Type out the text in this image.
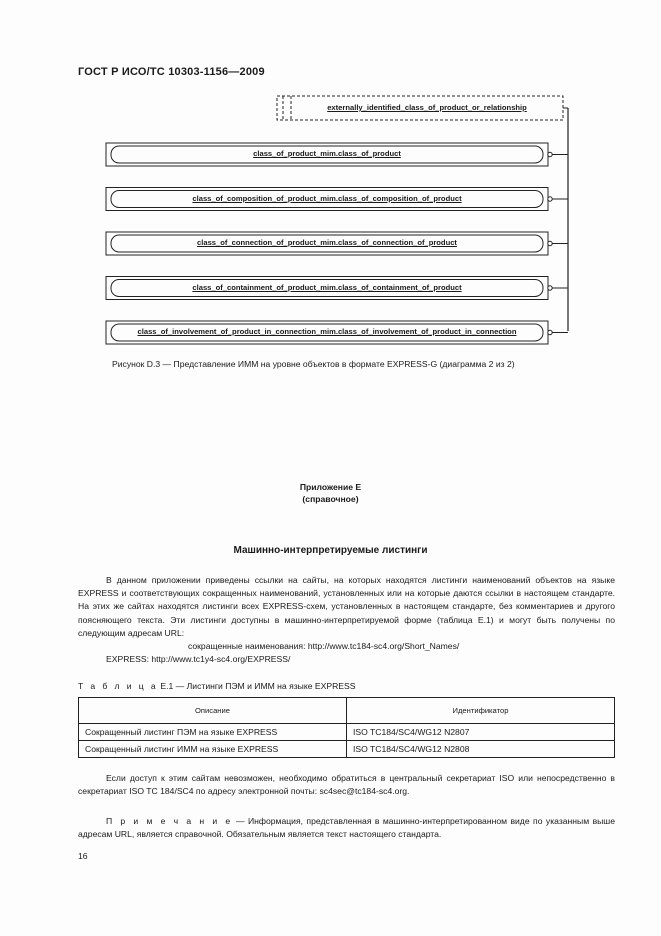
ГОСТ Р ИСО/ТС 10303-1156—2009
externally_identified_class_of_product_or_relationship
class_of_product_mim.class_of_product
class_of_composition_of_product_mim.class_of_composition_of_product
class_of_connection_of_product_mim.class_of_connection_of_product
class_of_containment_of_product_mim.class_of_containment_of_product
class_of_involvement_of_product_in_connection_mim.class_of_involvement_of_product_in_connection
Рисунок D.3 — Представление ИММ на уровне объектов в формате EXPRESS-G (диаграмма 2 из 2)
Приложение E
(справочное)
Машинно-интерпретируемые листинги

В данном приложении приведены ссылки на сайты, на которых находятся листинги наименований объектов на языке EXPRESS и соответствующих сокращенных наименований, установленных или на которые даются ссылки в настоящем стандарте. На этих же сайтах находятся листинги всех EXPRESS-схем, установленных в настоящем стандарте, без комментариев и другого поясняющего текста. Эти листинги доступны в машинно-интерпретируемой форме (таблица E.1) и могут быть получены по следующим адресам URL:

сокращенные наименования: http://www.tc184-sc4.org/Short_Names/

EXPRESS: http://www.tc1y4-sc4.org/EXPRESS/

Т а б л и ц а E.1 — Листинги ПЭМ и ИММ на языке EXPRESS
Описание	Идентификатор
Сокращенный листинг ПЭМ на языке EXPRESS	ISO TC184/SC4/WG12 N2807
Сокращенный листинг ИММ на языке EXPRESS	ISO TC184/SC4/WG12 N2808

Если доступ к этим сайтам невозможен, необходимо обратиться в центральный секретариат ISO или непосредственно в секретариат ISO TC 184/SC4 по адресу электронной почты: sc4sec@tc184-sc4.org.

П р и м е ч а н и е — Информация, представленная в машинно-интерпретированном виде по указанным выше адресам URL, является справочной. Обязательным является текст настоящего стандарта.

16
